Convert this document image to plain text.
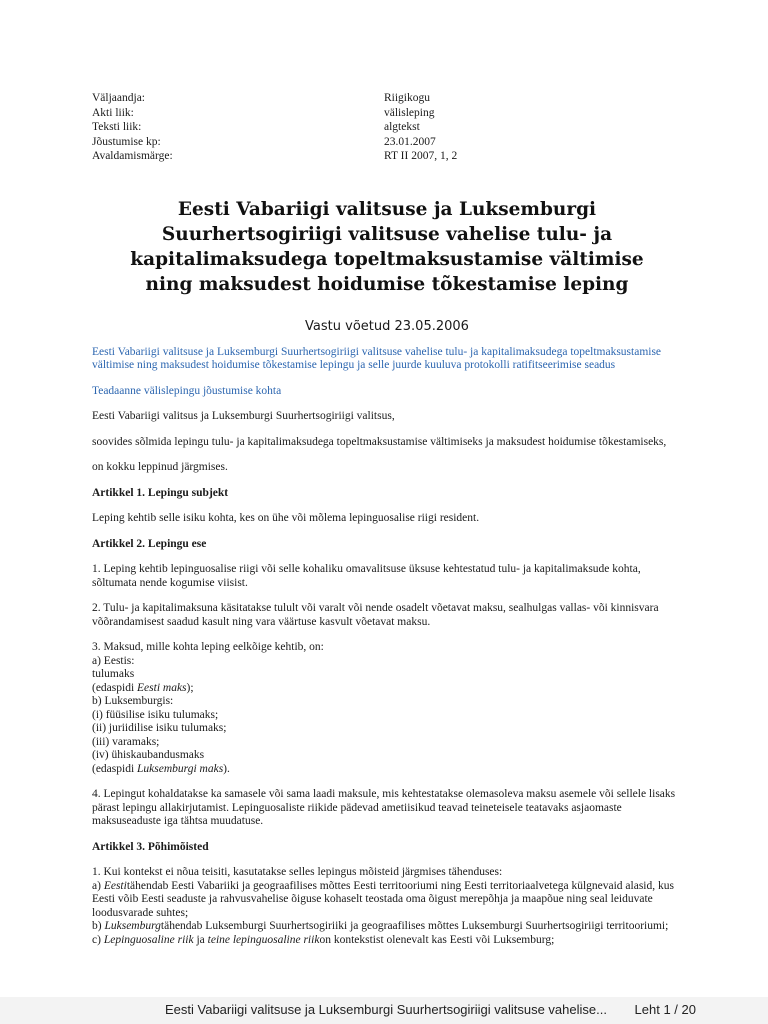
Väljaandja:	Riigikogu
Akti liik:	välisleping
Teksti liik:	algtekst
Jõustumise kp:	23.01.2007
Avaldamismärge:	RT II 2007, 1, 2
Eesti Vabariigi valitsuse ja Luksemburgi
Suurhertsogiriigi valitsuse vahelise tulu- ja
kapitalimaksudega topeltmaksustamise vältimise
ning maksudest hoidumise tõkestamise leping
Vastu võetud 23.05.2006
Eesti Vabariigi valitsuse ja Luksemburgi Suurhertsogiriigi valitsuse vahelise tulu- ja kapitalimaksudega topeltmaksustamise vältimise ning maksudest hoidumise tõkestamise lepingu ja selle juurde kuuluva protokolli ratifitseerimise seadus
Teadaanne välislepingu jõustumise kohta

Eesti Vabariigi valitsus ja Luksemburgi Suurhertsogiriigi valitsus,

soovides sõlmida lepingu tulu- ja kapitalimaksudega topeltmaksustamise vältimiseks ja maksudest hoidumise tõkestamiseks,

on kokku leppinud järgmises.

Artikkel 1. Lepingu subjekt

Leping kehtib selle isiku kohta, kes on ühe või mõlema lepinguosalise riigi resident.

Artikkel 2. Lepingu ese

1. Leping kehtib lepinguosalise riigi või selle kohaliku omavalitsuse üksuse kehtestatud tulu- ja kapitalimaksude kohta, sõltumata nende kogumise viisist.

2. Tulu- ja kapitalimaksuna käsitatakse tulult või varalt või nende osadelt võetavat maksu, sealhulgas vallas- või kinnisvara võõrandamisest saadud kasult ning vara väärtuse kasvult võetavat maksu.

3. Maksud, mille kohta leping eelkõige kehtib, on:
a) Eestis:
tulumaks
(edaspidi Eesti maks);
b) Luksemburgis:
(i) füüsilise isiku tulumaks;
(ii) juriidilise isiku tulumaks;
(iii) varamaks;
(iv) ühiskaubandusmaks
(edaspidi Luksemburgi maks).

4. Lepingut kohaldatakse ka samasele või sama laadi maksule, mis kehtestatakse olemasoleva maksu asemele või sellele lisaks pärast lepingu allakirjutamist. Lepinguosaliste riikide pädevad ametiisikud teavad teineteisele teatavaks asjaomaste maksuseaduste iga tähtsa muudatuse.

Artikkel 3. Põhimõisted

1. Kui kontekst ei nõua teisiti, kasutatakse selles lepingus mõisteid järgmises tähenduses:
a) Eestitähendab Eesti Vabariiki ja geograafilises mõttes Eesti territooriumi ning Eesti territoriaalvetega külgnevaid alasid, kus Eesti võib Eesti seaduste ja rahvusvahelise õiguse kohaselt teostada oma õigust merepõhja ja maapõue ning seal leiduvate loodusvarade suhtes;
b) Luksemburgtähendab Luksemburgi Suurhertsogiriiki ja geograafilises mõttes Luksemburgi Suurhertsogiriigi territooriumi;
c) Lepinguosaline riik ja teine lepinguosaline riikon kontekstist olenevalt kas Eesti või Luksemburg;
Eesti Vabariigi valitsuse ja Luksemburgi Suurhertsogiriigi valitsuse vahelise... Leht 1 / 20
